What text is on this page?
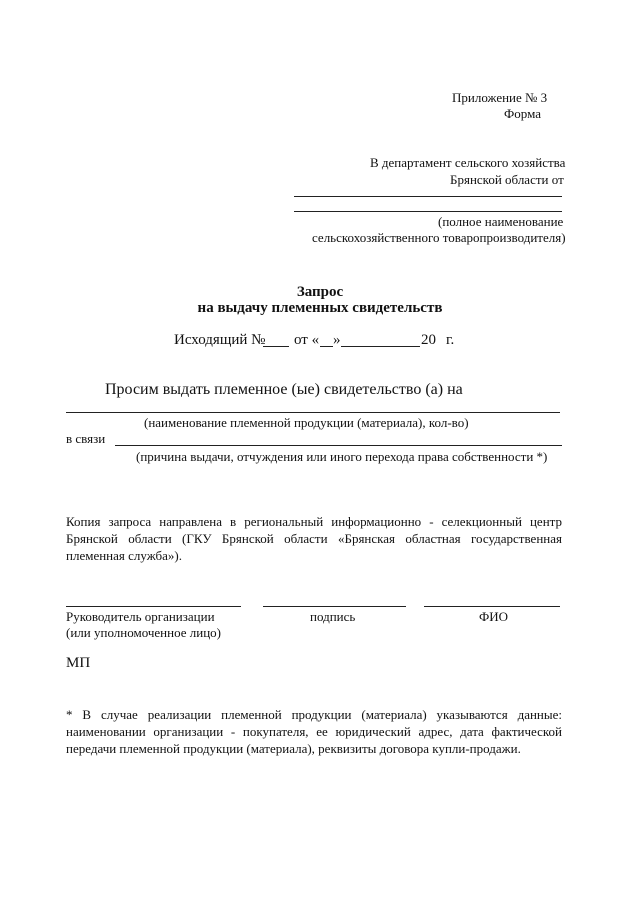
Приложение № 3
Форма
В департамент сельского хозяйства
Брянской области от
(полное наименование
сельскохозяйственного товаропроизводителя)
Запрос
на выдачу племенных свидетельств
Исходящий № от « »	20 г.
Просим выдать племенное (ые) свидетельство (а) на
(наименование племенной продукции (материала), кол-во)
в связи
(причина выдачи, отчуждения или иного перехода права собственности *)
Копия запроса направлена в региональный информационно - селекционный центр Брянской области (ГКУ Брянской области «Брянская областная государственная племенная служба»).
Руководитель организации
(или уполномоченное лицо)
подпись	ФИО
МП
* В случае реализации племенной продукции (материала) указываются данные: наименовании организации - покупателя, ее юридический адрес, дата фактической передачи племенной продукции (материала), реквизиты договора купли-продажи.
